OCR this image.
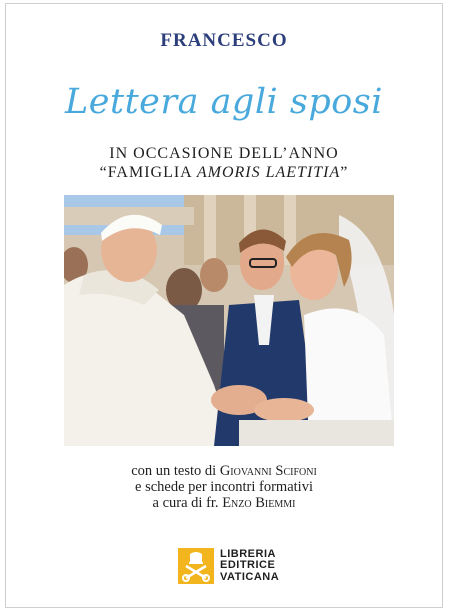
FRANCESCO
Lettera agli sposi
IN OCCASIONE DELL’ANNO
“FAMIGLIA AMORIS LAETITIA”
con un testo di Giovanni Scifoni
e schede per incontri formativi
a cura di fr. Enzo Biemmi
LIBRERIA
EDITRICE
VATICANA
